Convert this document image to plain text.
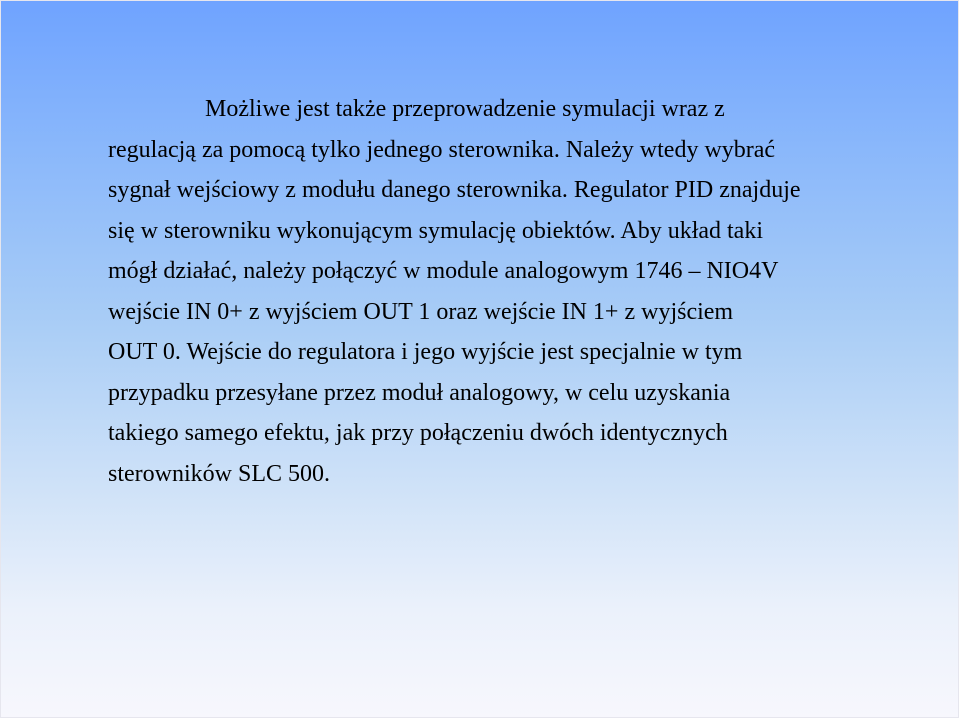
Możliwe jest także przeprowadzenie symulacji wraz z
regulacją za pomocą tylko jednego sterownika. Należy wtedy wybrać
sygnał wejściowy z modułu danego sterownika. Regulator PID znajduje
się w sterowniku wykonującym symulację obiektów. Aby układ taki
mógł działać, należy połączyć w module analogowym 1746 – NIO4V
wejście IN 0+ z wyjściem OUT 1 oraz wejście IN 1+ z wyjściem
OUT 0. Wejście do regulatora i jego wyjście jest specjalnie w tym
przypadku przesyłane przez moduł analogowy, w celu uzyskania
takiego samego efektu, jak przy połączeniu dwóch identycznych
sterowników SLC 500.
